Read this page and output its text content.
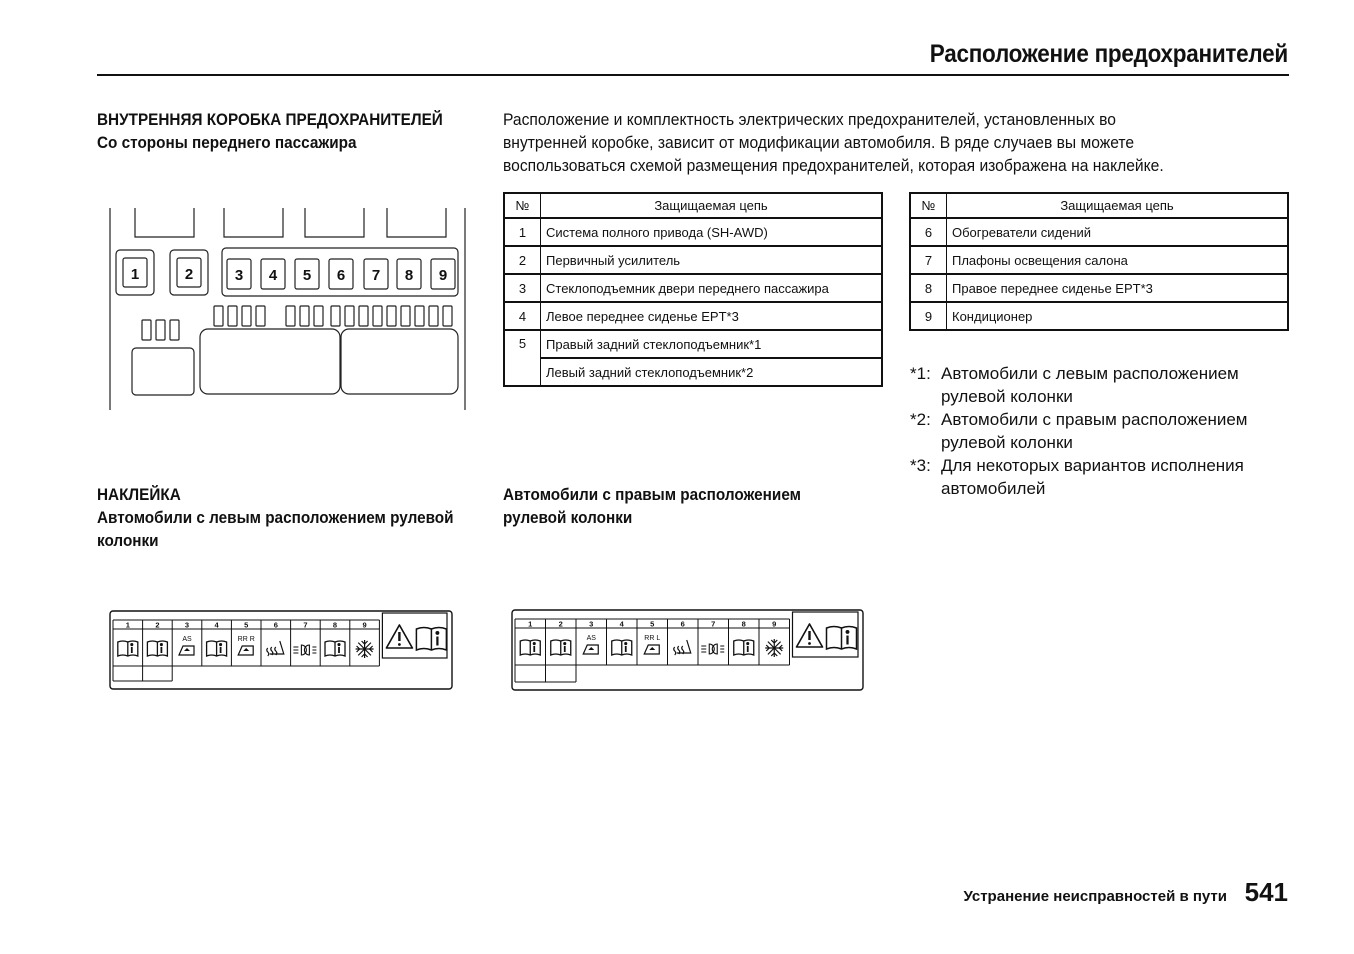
Расположение предохранителей
ВНУТРЕННЯЯ КОРОБКА ПРЕДОХРАНИТЕЛЕЙ
Со стороны переднего пассажира
1	2	3 4 5 6 7 8 9
Расположение и комплектность электрических предохранителей, установленных во
внутренней коробке, зависит от модификации автомобиля. В ряде случаев вы можете
воспользоваться схемой размещения предохранителей, которая изображена на наклейке.
№	Защищаемая цепь
1	Система полного привода (SH-AWD)
2	Первичный усилитель
3	Стеклоподъемник двери переднего пассажира
4	Левое переднее сиденье EPT*3
5	Правый задний стеклоподъемник*1
	Левый задний стеклоподъемник*2
№	Защищаемая цепь
6	Обогреватели сидений
7	Плафоны освещения салона
8	Правое переднее сиденье EPT*3
9	Кондиционер
*1: Автомобили с левым расположением рулевой колонки
*2: Автомобили с правым расположением рулевой колонки
*3: Для некоторых вариантов исполнения автомобилей
НАКЛЕЙКА
Автомобили с левым расположением рулевой
колонки
Автомобили с правым расположением
рулевой колонки
1	2	3	4	5	6	7	8	9
AS	RR R
1	2	3	4	5	6	7	8	9
AS	RR L
Устранение неисправностей в пути 541
